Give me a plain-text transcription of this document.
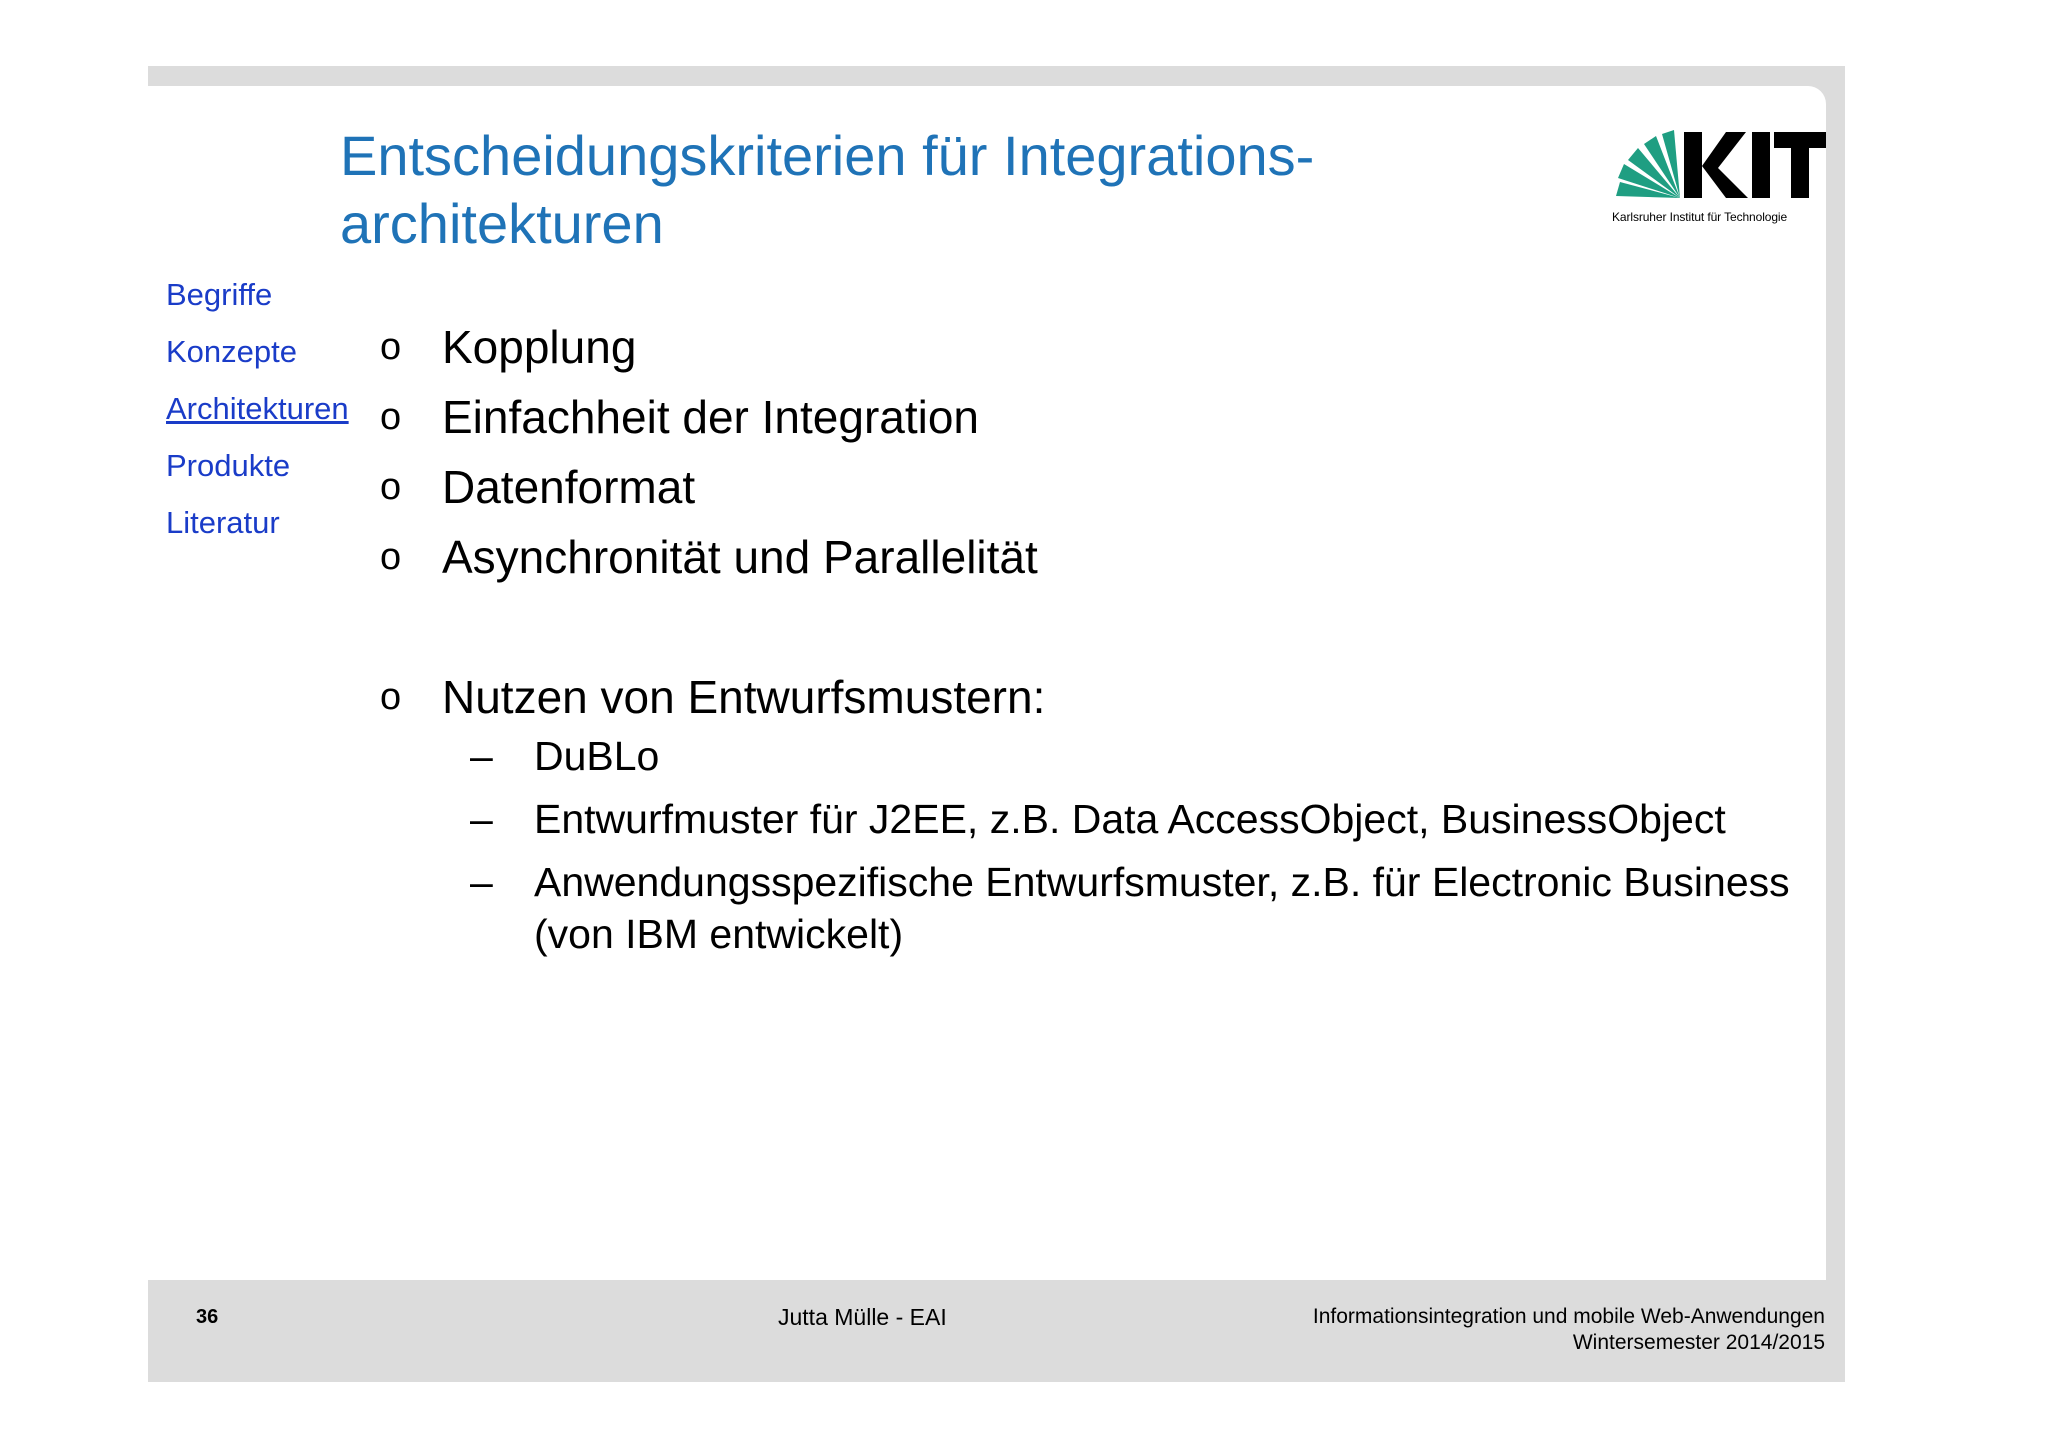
Entscheidungskriterien für Integrations-
architekturen	Karlsruher Institut für Technologie
Begriffe
Konzepte
Architekturen
Produkte
Literatur
o Kopplung
o Einfachheit der Integration
o Datenformat
o Asynchronität und Parallelität
o Nutzen von Entwurfsmustern:
– DuBLo
– Entwurfmuster für J2EE, z.B. Data AccessObject, BusinessObject
– Anwendungsspezifische Entwurfsmuster, z.B. für Electronic Business (von IBM entwickelt)
36	Jutta Mülle - EAI	Informationsintegration und mobile Web-Anwendungen
Wintersemester 2014/2015
